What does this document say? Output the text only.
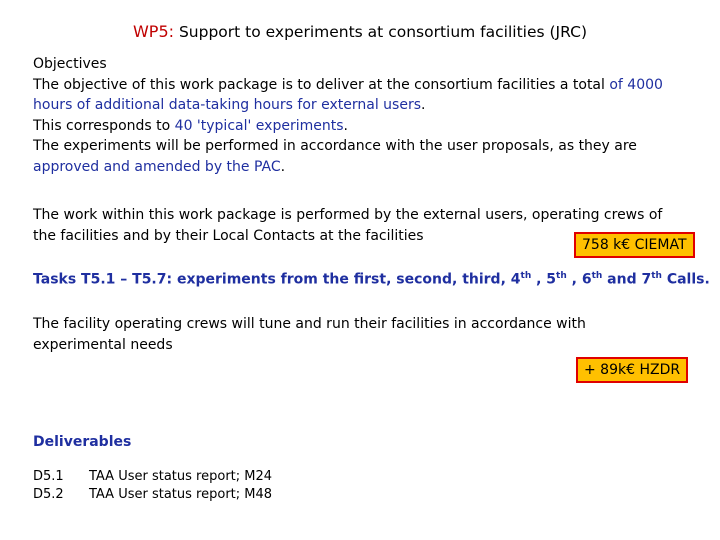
WP5: Support to experiments at consortium facilities (JRC)
Objectives
The objective of this work package is to deliver at the consortium facilities a total of 4000
hours of additional data-taking hours for external users.
This corresponds to 40 'typical' experiments.
The experiments will be performed in accordance with the user proposals, as they are
approved and amended by the PAC.
The work within this work package is performed by the external users, operating crews of
the facilities and by their Local Contacts at the facilities
758 k€ CIEMAT
Tasks T5.1 – T5.7: experiments from the first, second, third, 4th , 5th , 6th and 7th Calls.
The facility operating crews will tune and run their facilities in accordance with
experimental needs
+ 89k€ HZDR
Deliverables
D5.1 TAA User status report; M24
D5.2 TAA User status report; M48
